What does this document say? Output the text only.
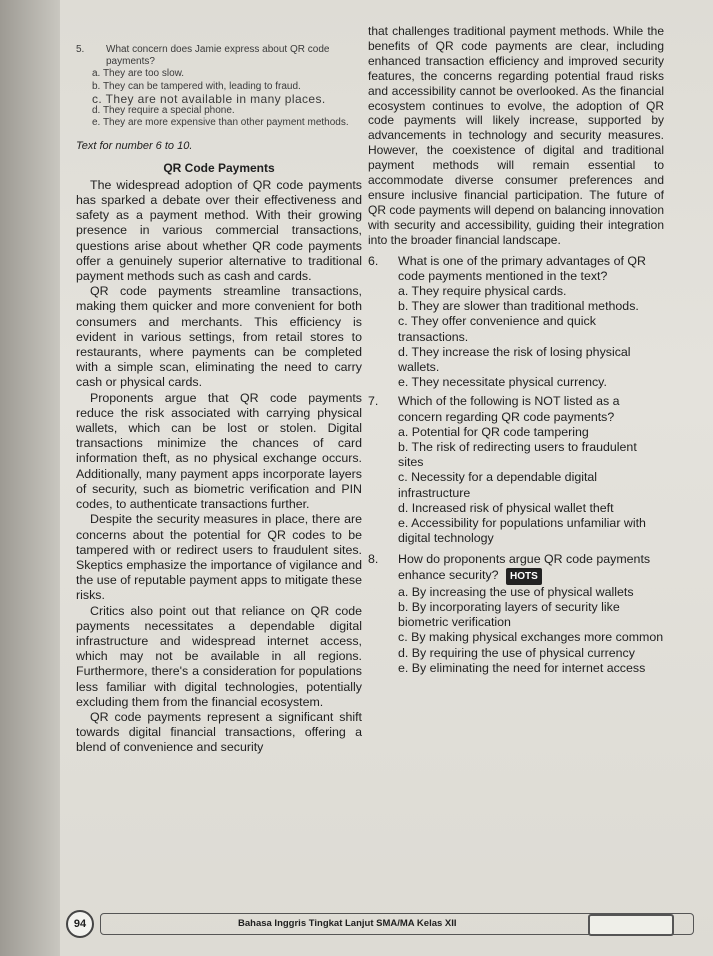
5.	What concern does Jamie express about QR code payments?
a. They are too slow.
b. They can be tampered with, leading to fraud.
c. They are not available in many places.
d. They require a special phone.
e. They are more expensive than other payment methods.
Text for number 6 to 10.
QR Code Payments

The widespread adoption of QR code payments has sparked a debate over their effectiveness and safety as a payment method. With their growing presence in various commercial transactions, questions arise about whether QR code payments offer a genuinely superior alternative to traditional payment methods such as cash and cards.

QR code payments streamline transactions, making them quicker and more convenient for both consumers and merchants. This efficiency is evident in various settings, from retail stores to restaurants, where payments can be completed with a simple scan, eliminating the need to carry cash or physical cards.

Proponents argue that QR code payments reduce the risk associated with carrying physical wallets, which can be lost or stolen. Digital transactions minimize the chances of card information theft, as no physical exchange occurs. Additionally, many payment apps incorporate layers of security, such as biometric verification and PIN codes, to authenticate transactions further.

Despite the security measures in place, there are concerns about the potential for QR codes to be tampered with or redirect users to fraudulent sites. Skeptics emphasize the importance of vigilance and the use of reputable payment apps to mitigate these risks.

Critics also point out that reliance on QR code payments necessitates a dependable digital infrastructure and widespread internet access, which may not be available in all regions. Furthermore, there's a consideration for populations less familiar with digital technologies, potentially excluding them from the financial ecosystem.

QR code payments represent a significant shift towards digital financial transactions, offering a blend of convenience and security

that challenges traditional payment methods. While the benefits of QR code payments are clear, including enhanced transaction efficiency and improved security features, the concerns regarding potential fraud risks and accessibility cannot be overlooked. As the financial ecosystem continues to evolve, the adoption of QR code payments will likely increase, supported by advancements in technology and security measures. However, the coexistence of digital and traditional payment methods will remain essential to accommodate diverse consumer preferences and ensure inclusive financial participation. The future of QR code payments will depend on balancing innovation with security and accessibility, guiding their integration into the broader financial landscape.

6.	What is one of the primary advantages of QR code payments mentioned in the text?
a. They require physical cards.
b. They are slower than traditional methods.
c. They offer convenience and quick transactions.
d. They increase the risk of losing physical wallets.
e. They necessitate physical currency.
7.	Which of the following is NOT listed as a concern regarding QR code payments?
a. Potential for QR code tampering
b. The risk of redirecting users to fraudulent sites
c. Necessity for a dependable digital infrastructure
d. Increased risk of physical wallet theft
e. Accessibility for populations unfamiliar with digital technology
8.	How do proponents argue QR code payments enhance security? HOTS
a. By increasing the use of physical wallets
b. By incorporating layers of security like biometric verification
c. By making physical exchanges more common
d. By requiring the use of physical currency
e. By eliminating the need for internet access
94	Bahasa Inggris Tingkat Lanjut SMA/MA Kelas XII
